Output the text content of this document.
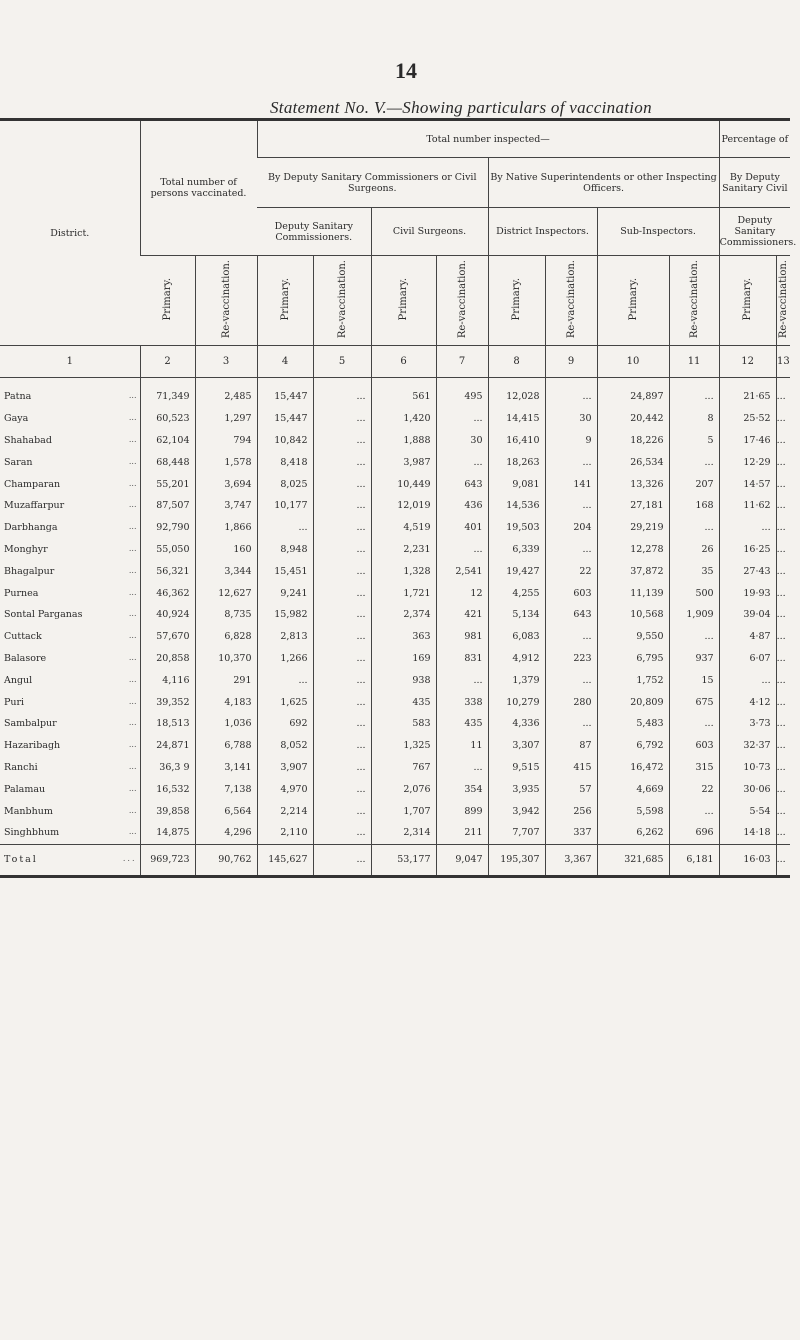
14
Statement No. V.—Showing particulars of vaccination
District.	Total number of persons vaccinated.		Total number inspected—								Percentage of	
			By Deputy Sanitary Commissioners or Civil Surgeons.				By Native Superintendents or other Inspecting Officers.				By Deputy Sanitary Civil	
			Deputy Sanitary Commissioners.		Civil Surgeons.		District Inspectors.		Sub-Inspectors.		Deputy Sanitary Commissioners.	
	Primary.	Re-vaccination.	Primary.	Re-vaccination.	Primary.	Re-vaccination.	Primary.	Re-vaccination.	Primary.	Re-vaccination.	Primary.	Re-vaccination.
1	2	3	4	5	6	7	8	9	10	11	12	13

Patna ...	71,349	2,485	15,447	...	561	495	12,028	...	24,897	...	21·65	...
Gaya ...	60,523	1,297	15,447	...	1,420	...	14,415	30	20,442	8	25·52	...
Shahabad ...	62,104	794	10,842	...	1,888	30	16,410	9	18,226	5	17·46	...
Saran ...	68,448	1,578	8,418	...	3,987	...	18,263	...	26,534	...	12·29	...
Champaran ...	55,201	3,694	8,025	...	10,449	643	9,081	141	13,326	207	14·57	...
Muzaffarpur ...	87,507	3,747	10,177	...	12,019	436	14,536	...	27,181	168	11·62	...
Darbhanga ...	92,790	1,866	...	...	4,519	401	19,503	204	29,219	...	...	...
Monghyr ...	55,050	160	8,948	...	2,231	...	6,339	...	12,278	26	16·25	...
Bhagalpur ...	56,321	3,344	15,451	...	1,328	2,541	19,427	22	37,872	35	27·43	...
Purnea ...	46,362	12,627	9,241	...	1,721	12	4,255	603	11,139	500	19·93	...
Sontal Parganas ...	40,924	8,735	15,982	...	2,374	421	5,134	643	10,568	1,909	39·04	...
Cuttack ...	57,670	6,828	2,813	...	363	981	6,083	...	9,550	...	4·87	...
Balasore ...	20,858	10,370	1,266	...	169	831	4,912	223	6,795	937	6·07	...
Angul ...	4,116	291	...	...	938	...	1,379	...	1,752	15	...	...
Puri ...	39,352	4,183	1,625	...	435	338	10,279	280	20,809	675	4·12	...
Sambalpur ...	18,513	1,036	692	...	583	435	4,336	...	5,483	...	3·73	...
Hazaribagh ...	24,871	6,788	8,052	...	1,325	11	3,307	87	6,792	603	32·37	...
Ranchi ...	36,3 9	3,141	3,907	...	767	...	9,515	415	16,472	315	10·73	...
Palamau ...	16,532	7,138	4,970	...	2,076	354	3,935	57	4,669	22	30·06	...
Manbhum ...	39,858	6,564	2,214	...	1,707	899	3,942	256	5,598	...	5·54	...
Singhbhum ...	14,875	4,296	2,110	...	2,314	211	7,707	337	6,262	696	14·18	...
Total ...	969,723	90,762	145,627	...	53,177	9,047	195,307	3,367	321,685	6,181	16·03	...
